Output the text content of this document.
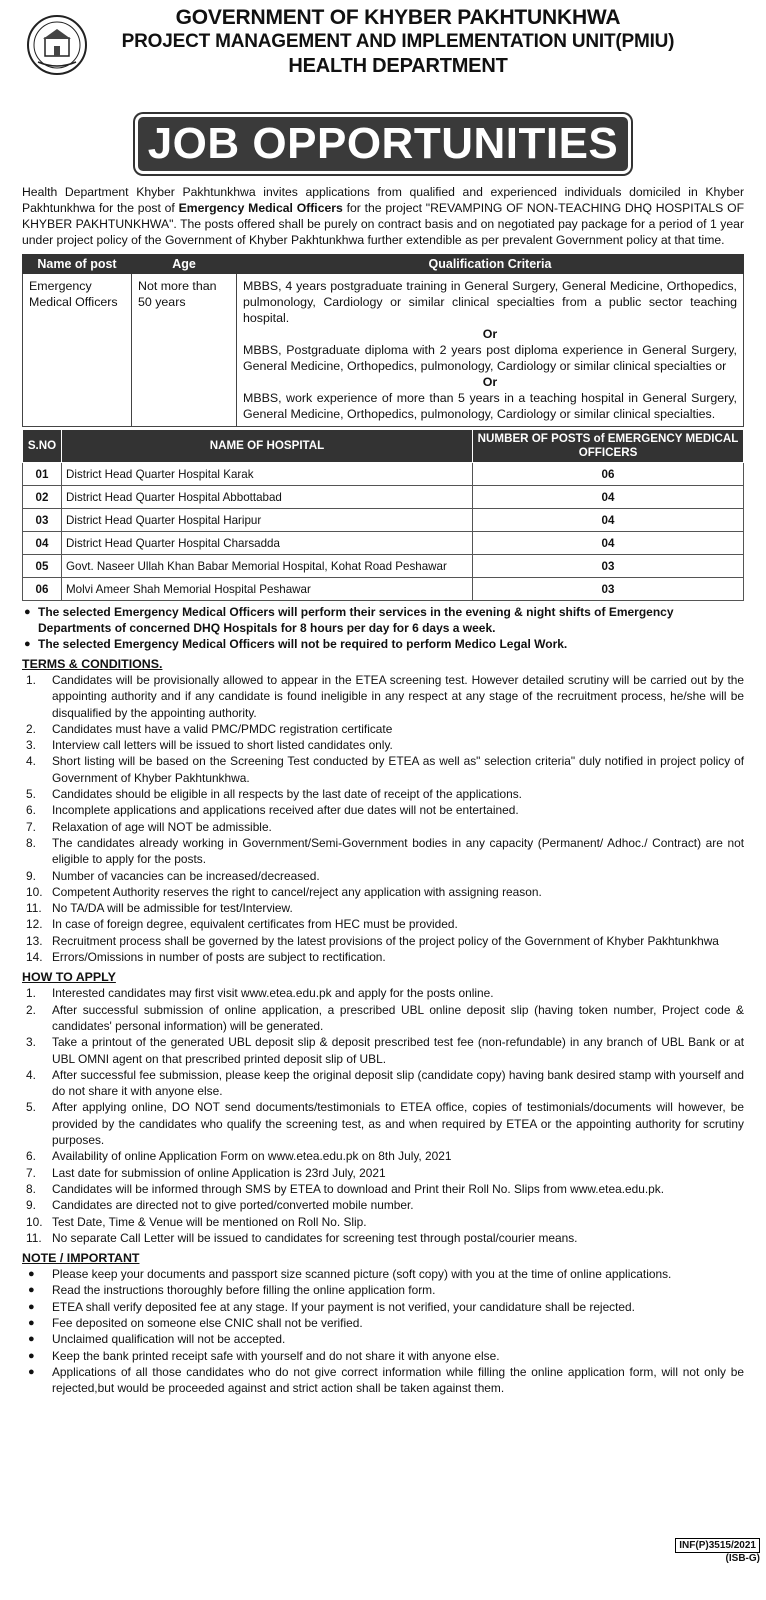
GOVERNMENT OF KHYBER PAKHTUNKHWA
PROJECT MANAGEMENT AND IMPLEMENTATION UNIT(PMIU)
HEALTH DEPARTMENT
JOB OPPORTUNITIES
Health Department Khyber Pakhtunkhwa invites applications from qualified and experienced individuals domiciled in Khyber Pakhtunkhwa for the post of Emergency Medical Officers for the project "REVAMPING OF NON-TEACHING DHQ HOSPITALS OF KHYBER PAKHTUNKHWA". The posts offered shall be purely on contract basis and on negotiated pay package for a period of 1 year under project policy of the Government of Khyber Pakhtunkhwa further extendible as per prevalent Government policy at that time.
Name of post	Age	Qualification Criteria
Emergency Medical Officers	Not more than 50 years	MBBS, 4 years postgraduate training in General Surgery, General Medicine, Orthopedics, pulmonology, Cardiology or similar clinical specialties from a public sector teaching hospital.
Or
MBBS, Postgraduate diploma with 2 years post diploma experience in General Surgery, General Medicine, Orthopedics, pulmonology, Cardiology or similar clinical specialties or
Or
MBBS, work experience of more than 5 years in a teaching hospital in General Surgery, General Medicine, Orthopedics, pulmonology, Cardiology or similar clinical specialties.
S.NO	NAME OF HOSPITAL	NUMBER OF POSTS of EMERGENCY MEDICAL OFFICERS
01	District Head Quarter Hospital Karak	06
02	District Head Quarter Hospital Abbottabad	04
03	District Head Quarter Hospital Haripur	04
04	District Head Quarter Hospital Charsadda	04
05	Govt. Naseer Ullah Khan Babar Memorial Hospital, Kohat Road Peshawar	03
06	Molvi Ameer Shah Memorial Hospital Peshawar	03
● The selected Emergency Medical Officers will perform their services in the evening & night shifts of Emergency Departments of concerned DHQ Hospitals for 8 hours per day for 6 days a week.
● The selected Emergency Medical Officers will not be required to perform Medico Legal Work.
TERMS & CONDITIONS.
1. Candidates will be provisionally allowed to appear in the ETEA screening test. However detailed scrutiny will be carried out by the appointing authority and if any candidate is found ineligible in any respect at any stage of the recruitment process, he/she will be disqualified by the appointing authority.
2. Candidates must have a valid PMC/PMDC registration certificate
3. Interview call letters will be issued to short listed candidates only.
4. Short listing will be based on the Screening Test conducted by ETEA as well as" selection criteria" duly notified in project policy of Government of Khyber Pakhtunkhwa.
5. Candidates should be eligible in all respects by the last date of receipt of the applications.
6. Incomplete applications and applications received after due dates will not be entertained.
7. Relaxation of age will NOT be admissible.
8. The candidates already working in Government/Semi-Government bodies in any capacity (Permanent/ Adhoc./ Contract) are not eligible to apply for the posts.
9. Number of vacancies can be increased/decreased.
10. Competent Authority reserves the right to cancel/reject any application with assigning reason.
11. No TA/DA will be admissible for test/Interview.
12. In case of foreign degree, equivalent certificates from HEC must be provided.
13. Recruitment process shall be governed by the latest provisions of the project policy of the Government of Khyber Pakhtunkhwa
14. Errors/Omissions in number of posts are subject to rectification.
HOW TO APPLY
1. Interested candidates may first visit www.etea.edu.pk and apply for the posts online.
2. After successful submission of online application, a prescribed UBL online deposit slip (having token number, Project code & candidates' personal information) will be generated.
3. Take a printout of the generated UBL deposit slip & deposit prescribed test fee (non-refundable) in any branch of UBL Bank or at UBL OMNI agent on that prescribed printed deposit slip of UBL.
4. After successful fee submission, please keep the original deposit slip (candidate copy) having bank desired stamp with yourself and do not share it with anyone else.
5. After applying online, DO NOT send documents/testimonials to ETEA office, copies of testimonials/documents will however, be provided by the candidates who qualify the screening test, as and when required by ETEA or the appointing authority for scrutiny purposes.
6. Availability of online Application Form on www.etea.edu.pk on 8th July, 2021
7. Last date for submission of online Application is 23rd July, 2021
8. Candidates will be informed through SMS by ETEA to download and Print their Roll No. Slips from www.etea.edu.pk.
9. Candidates are directed not to give ported/converted mobile number.
10. Test Date, Time & Venue will be mentioned on Roll No. Slip.
11. No separate Call Letter will be issued to candidates for screening test through postal/courier means.
NOTE / IMPORTANT
● Please keep your documents and passport size scanned picture (soft copy) with you at the time of online applications.
● Read the instructions thoroughly before filling the online application form.
● ETEA shall verify deposited fee at any stage. If your payment is not verified, your candidature shall be rejected.
● Fee deposited on someone else CNIC shall not be verified.
● Unclaimed qualification will not be accepted.
● Keep the bank printed receipt safe with yourself and do not share it with anyone else.
● Applications of all those candidates who do not give correct information while filling the online application form, will not only be rejected,but would be proceeded against and strict action shall be taken against them.
INF(P)3515/2021
(ISB-G)
